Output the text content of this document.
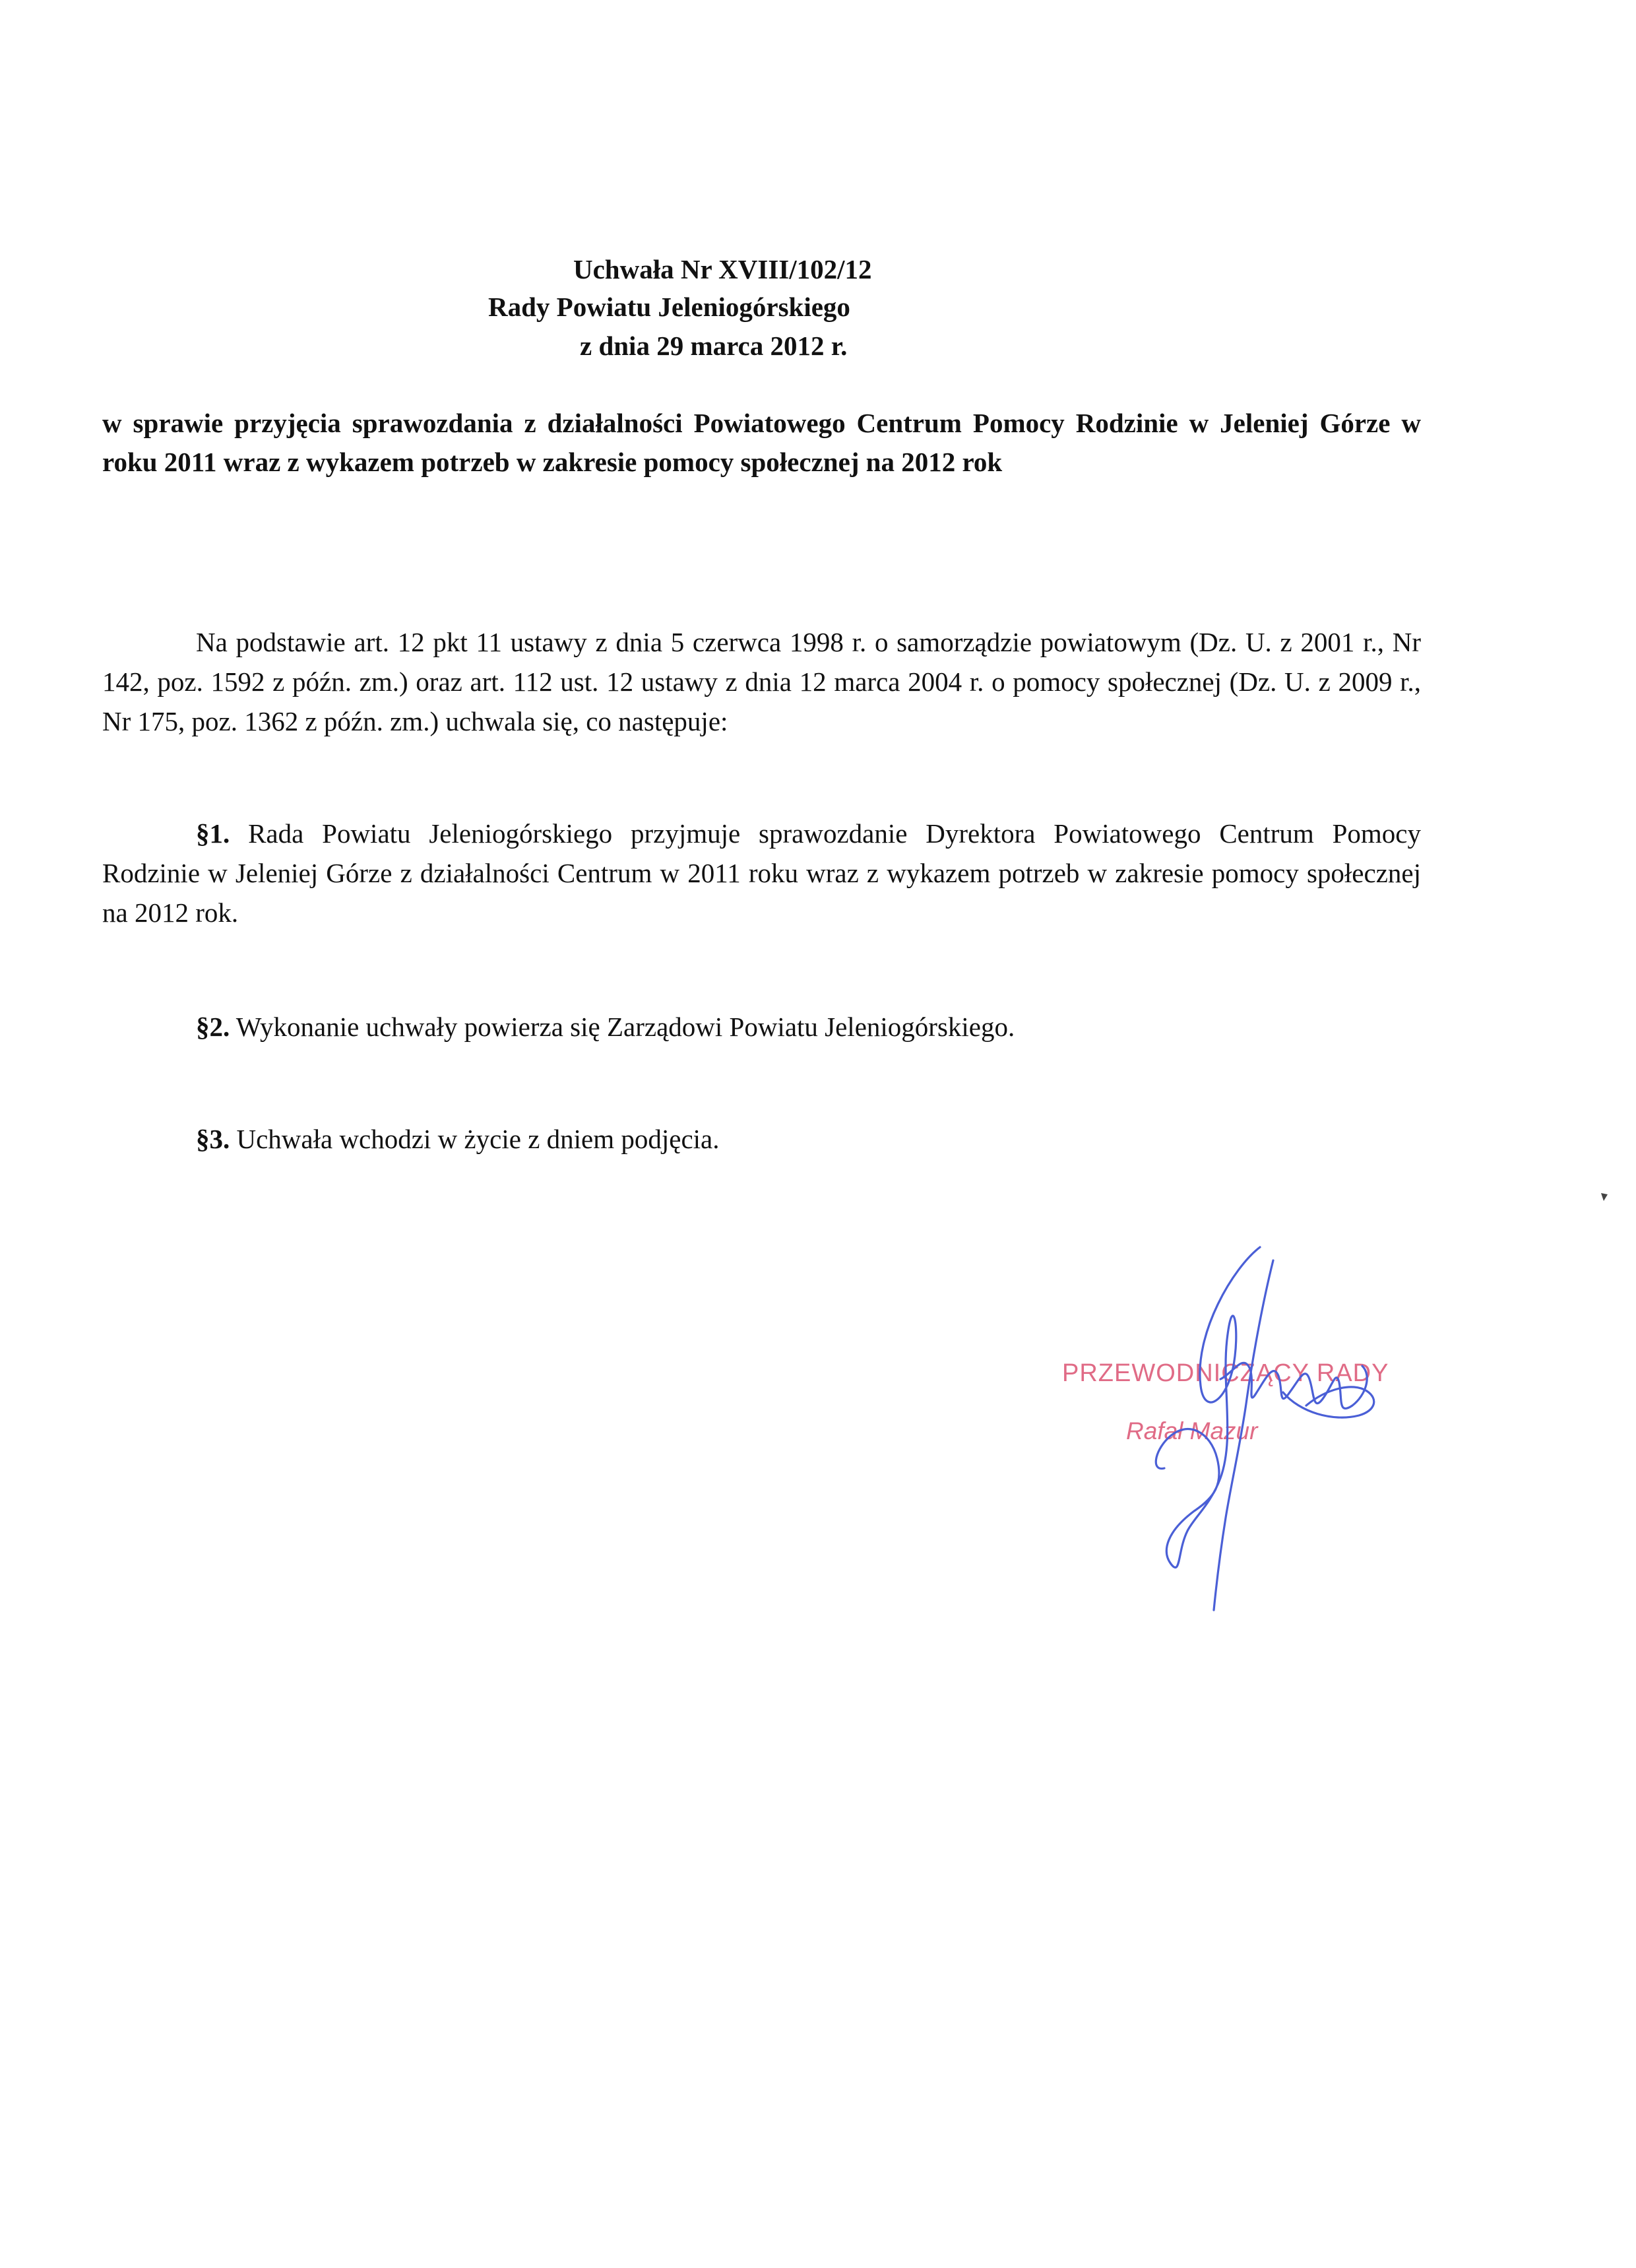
Uchwała Nr XVIII/102/12
Rady Powiatu Jeleniogórskiego
z dnia 29 marca 2012 r.
w sprawie przyjęcia sprawozdania z działalności Powiatowego Centrum Pomocy Rodzinie w Jeleniej Górze w roku 2011 wraz z wykazem potrzeb w zakresie pomocy społecznej na 2012 rok
Na podstawie art. 12 pkt 11 ustawy z dnia 5 czerwca 1998 r. o samorządzie powiatowym (Dz. U. z 2001 r., Nr 142, poz. 1592 z późn. zm.) oraz art. 112 ust. 12 ustawy z dnia 12 marca 2004 r. o pomocy społecznej (Dz. U. z 2009 r., Nr 175, poz. 1362 z późn. zm.) uchwala się, co następuje:
§1. Rada Powiatu Jeleniogórskiego przyjmuje sprawozdanie Dyrektora Powiatowego Centrum Pomocy Rodzinie w Jeleniej Górze z działalności Centrum w 2011 roku wraz z wykazem potrzeb w zakresie pomocy społecznej na 2012 rok.
§2. Wykonanie uchwały powierza się Zarządowi Powiatu Jeleniogórskiego.
§3. Uchwała wchodzi w życie z dniem podjęcia.
PRZEWODNICZĄCY RADY
Rafał Mazur
